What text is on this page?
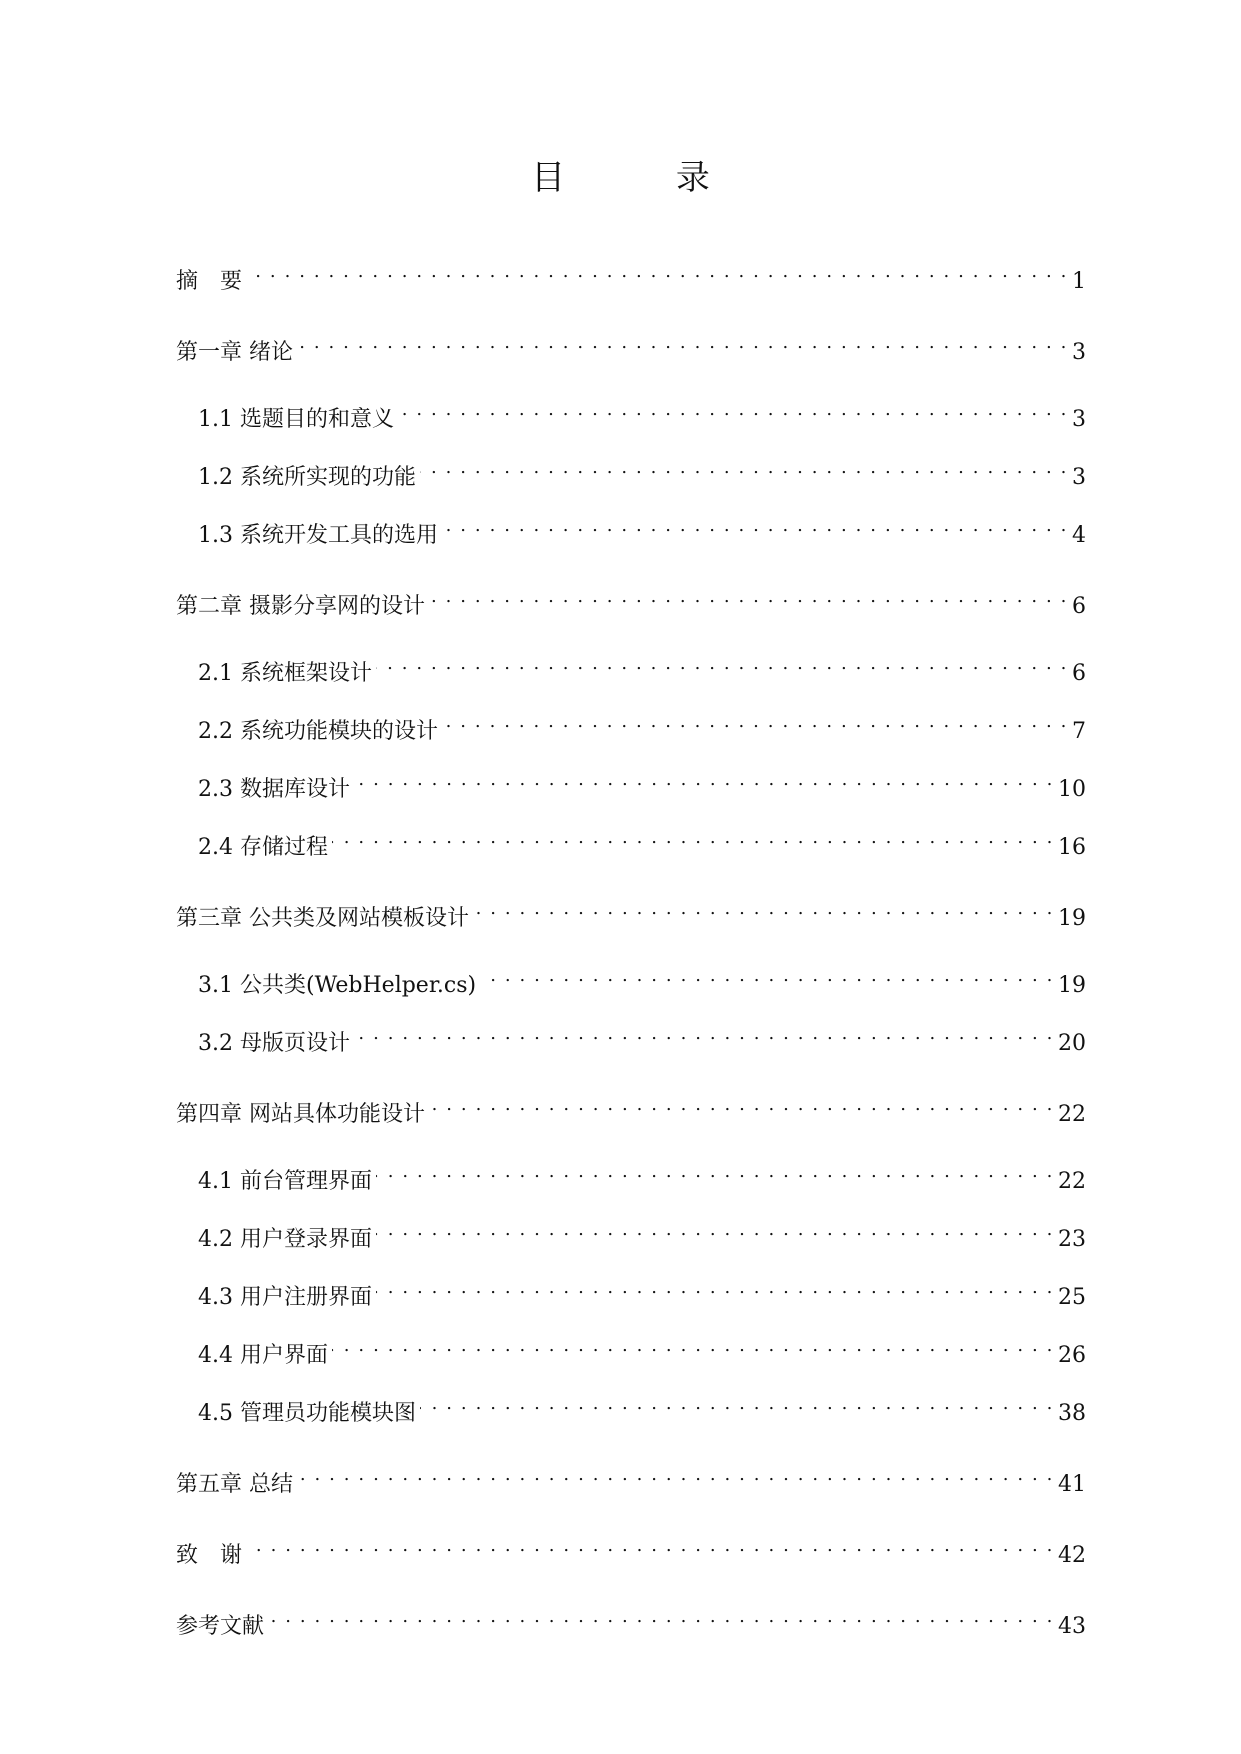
目 录
摘　要 . . .	1
第一章 绪论 . . .	3
1.1 选题目的和意义 . . .	3
1.2 系统所实现的功能 . . .	3
1.3 系统开发工具的选用 . . .	4
第二章 摄影分享网的设计 . . .	6
2.1 系统框架设计 . . .	6
2.2 系统功能模块的设计 . . .	7
2.3 数据库设计 . . .	10
2.4 存储过程 . . .	16
第三章 公共类及网站模板设计 . . .	19
3.1 公共类(WebHelper.cs) . . .	19
3.2 母版页设计 . . .	20
第四章 网站具体功能设计 . . .	22
4.1 前台管理界面 . . .	22
4.2 用户登录界面 . . .	23
4.3 用户注册界面 . . .	25
4.4 用户界面 . . .	26
4.5 管理员功能模块图 . . .	38
第五章 总结 . . .	41
致　谢 . . .	42
参考文献 . . .	43
